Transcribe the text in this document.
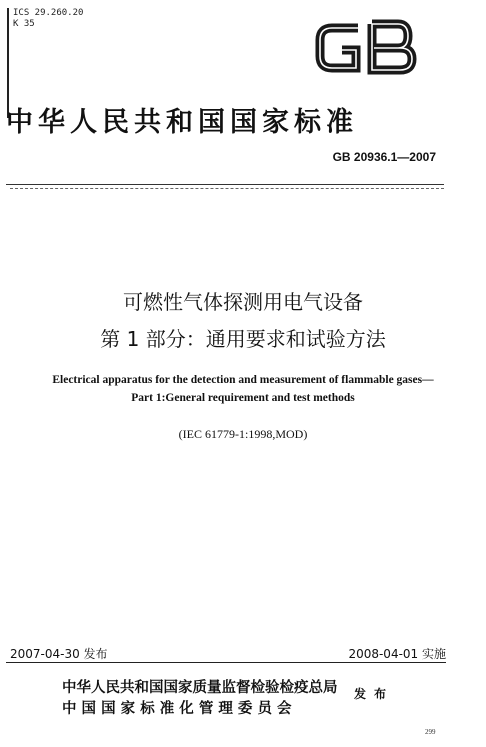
ICS 29.260.20
K 35
中华人民共和国国家标准
GB 20936.1—2007
可燃性气体探测用电气设备
第 1 部分：通用要求和试验方法
Electrical apparatus for the detection and measurement of flammable gases—
Part 1:General requirement and test methods
(IEC 61779-1:1998,MOD)
2007-04-30 发布	2008-04-01 实施
中华人民共和国国家质量监督检验检疫总局
中 国 国 家 标 准 化 管 理 委 员 会
发布
299
